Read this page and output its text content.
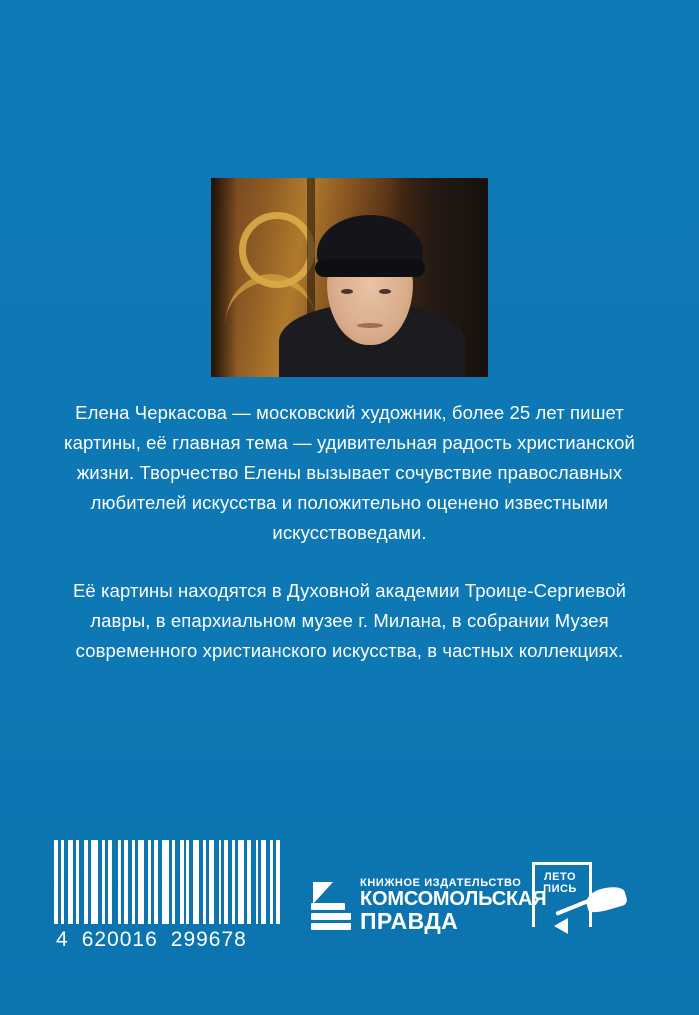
Елена Черкасова — московский художник, более 25 лет пишет картины, её главная тема — удивительная радость христианской жизни. Творчество Елены вызывает сочувствие православных любителей искусства и положительно оценено известными искусствоведами.

Её картины находятся в Духовной академии Троице-Сергиевой лавры, в епархиальном музее г. Милана, в собрании Музея современного христианского искусства, в частных коллекциях.

4 620016 299678
КНИЖНОЕ ИЗДАТЕЛЬСТВО
КОМСОМОЛЬСКАЯ
ПРАВДА
ЛЕТО
ПИСЬ
